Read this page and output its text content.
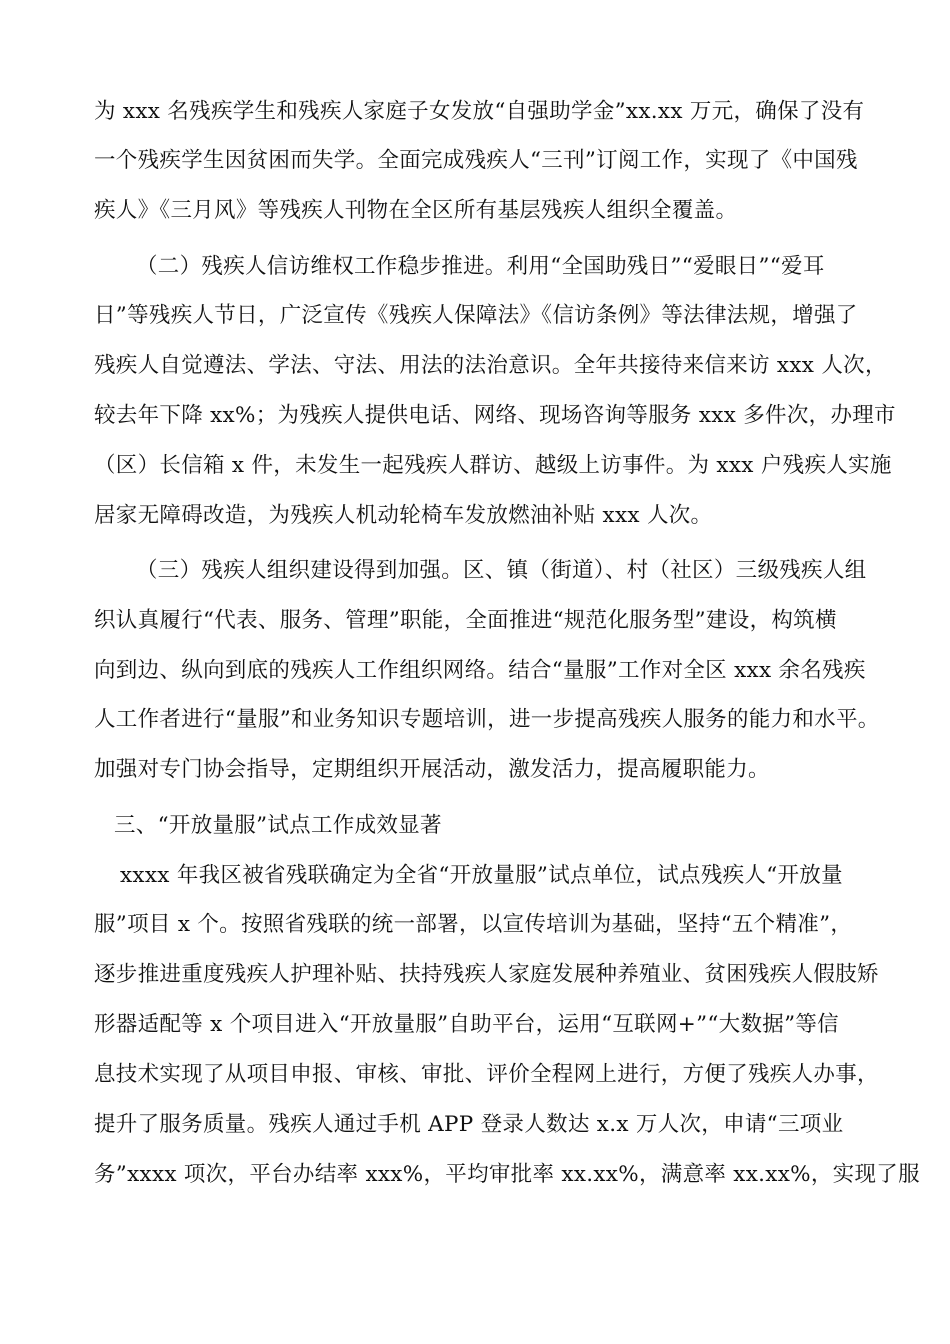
为 xxx 名残疾学生和残疾人家庭子女发放“自强助学金”xx.xx 万元，确保了没有
一个残疾学生因贫困而失学。全面完成残疾人“三刊”订阅工作，实现了《中国残
疾人》《三月风》等残疾人刊物在全区所有基层残疾人组织全覆盖。
（二）残疾人信访维权工作稳步推进。利用“全国助残日”“爱眼日”“爱耳
日”等残疾人节日，广泛宣传《残疾人保障法》《信访条例》等法律法规，增强了
残疾人自觉遵法、学法、守法、用法的法治意识。全年共接待来信来访 xxx 人次，
较去年下降 xx%；为残疾人提供电话、网络、现场咨询等服务 xxx 多件次，办理市
（区）长信箱 x 件，未发生一起残疾人群访、越级上访事件。为 xxx 户残疾人实施
居家无障碍改造，为残疾人机动轮椅车发放燃油补贴 xxx 人次。
（三）残疾人组织建设得到加强。区、镇（街道）、村（社区）三级残疾人组
织认真履行“代表、服务、管理”职能，全面推进“规范化服务型”建设，构筑横
向到边、纵向到底的残疾人工作组织网络。结合“量服”工作对全区 xxx 余名残疾
人工作者进行“量服”和业务知识专题培训，进一步提高残疾人服务的能力和水平。
加强对专门协会指导，定期组织开展活动，激发活力，提高履职能力。
三、“开放量服”试点工作成效显著
xxxx 年我区被省残联确定为全省“开放量服”试点单位，试点残疾人“开放量
服”项目 x 个。按照省残联的统一部署，以宣传培训为基础，坚持“五个精准”，
逐步推进重度残疾人护理补贴、扶持残疾人家庭发展种养殖业、贫困残疾人假肢矫
形器适配等 x 个项目进入“开放量服”自助平台，运用“互联网+”“大数据”等信
息技术实现了从项目申报、审核、审批、评价全程网上进行，方便了残疾人办事，
提升了服务质量。残疾人通过手机 APP 登录人数达 x.x 万人次，申请“三项业
务”xxxx 项次，平台办结率 xxx%，平均审批率 xx.xx%，满意率 xx.xx%，实现了服
